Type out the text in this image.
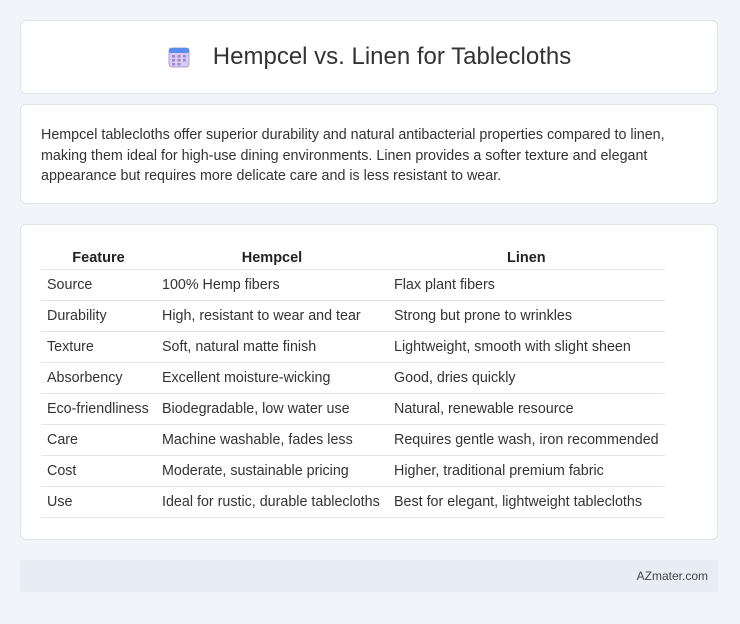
Hempcel vs. Linen for Tablecloths

Hempcel tablecloths offer superior durability and natural antibacterial properties compared to linen, making them ideal for high-use dining environments. Linen provides a softer texture and elegant appearance but requires more delicate care and is less resistant to wear.

Feature	Hempcel	Linen
Source	100% Hemp fibers	Flax plant fibers
Durability	High, resistant to wear and tear	Strong but prone to wrinkles
Texture	Soft, natural matte finish	Lightweight, smooth with slight sheen
Absorbency	Excellent moisture-wicking	Good, dries quickly
Eco-friendliness	Biodegradable, low water use	Natural, renewable resource
Care	Machine washable, fades less	Requires gentle wash, iron recommended
Cost	Moderate, sustainable pricing	Higher, traditional premium fabric
Use	Ideal for rustic, durable tablecloths	Best for elegant, lightweight tablecloths
AZmater.com
